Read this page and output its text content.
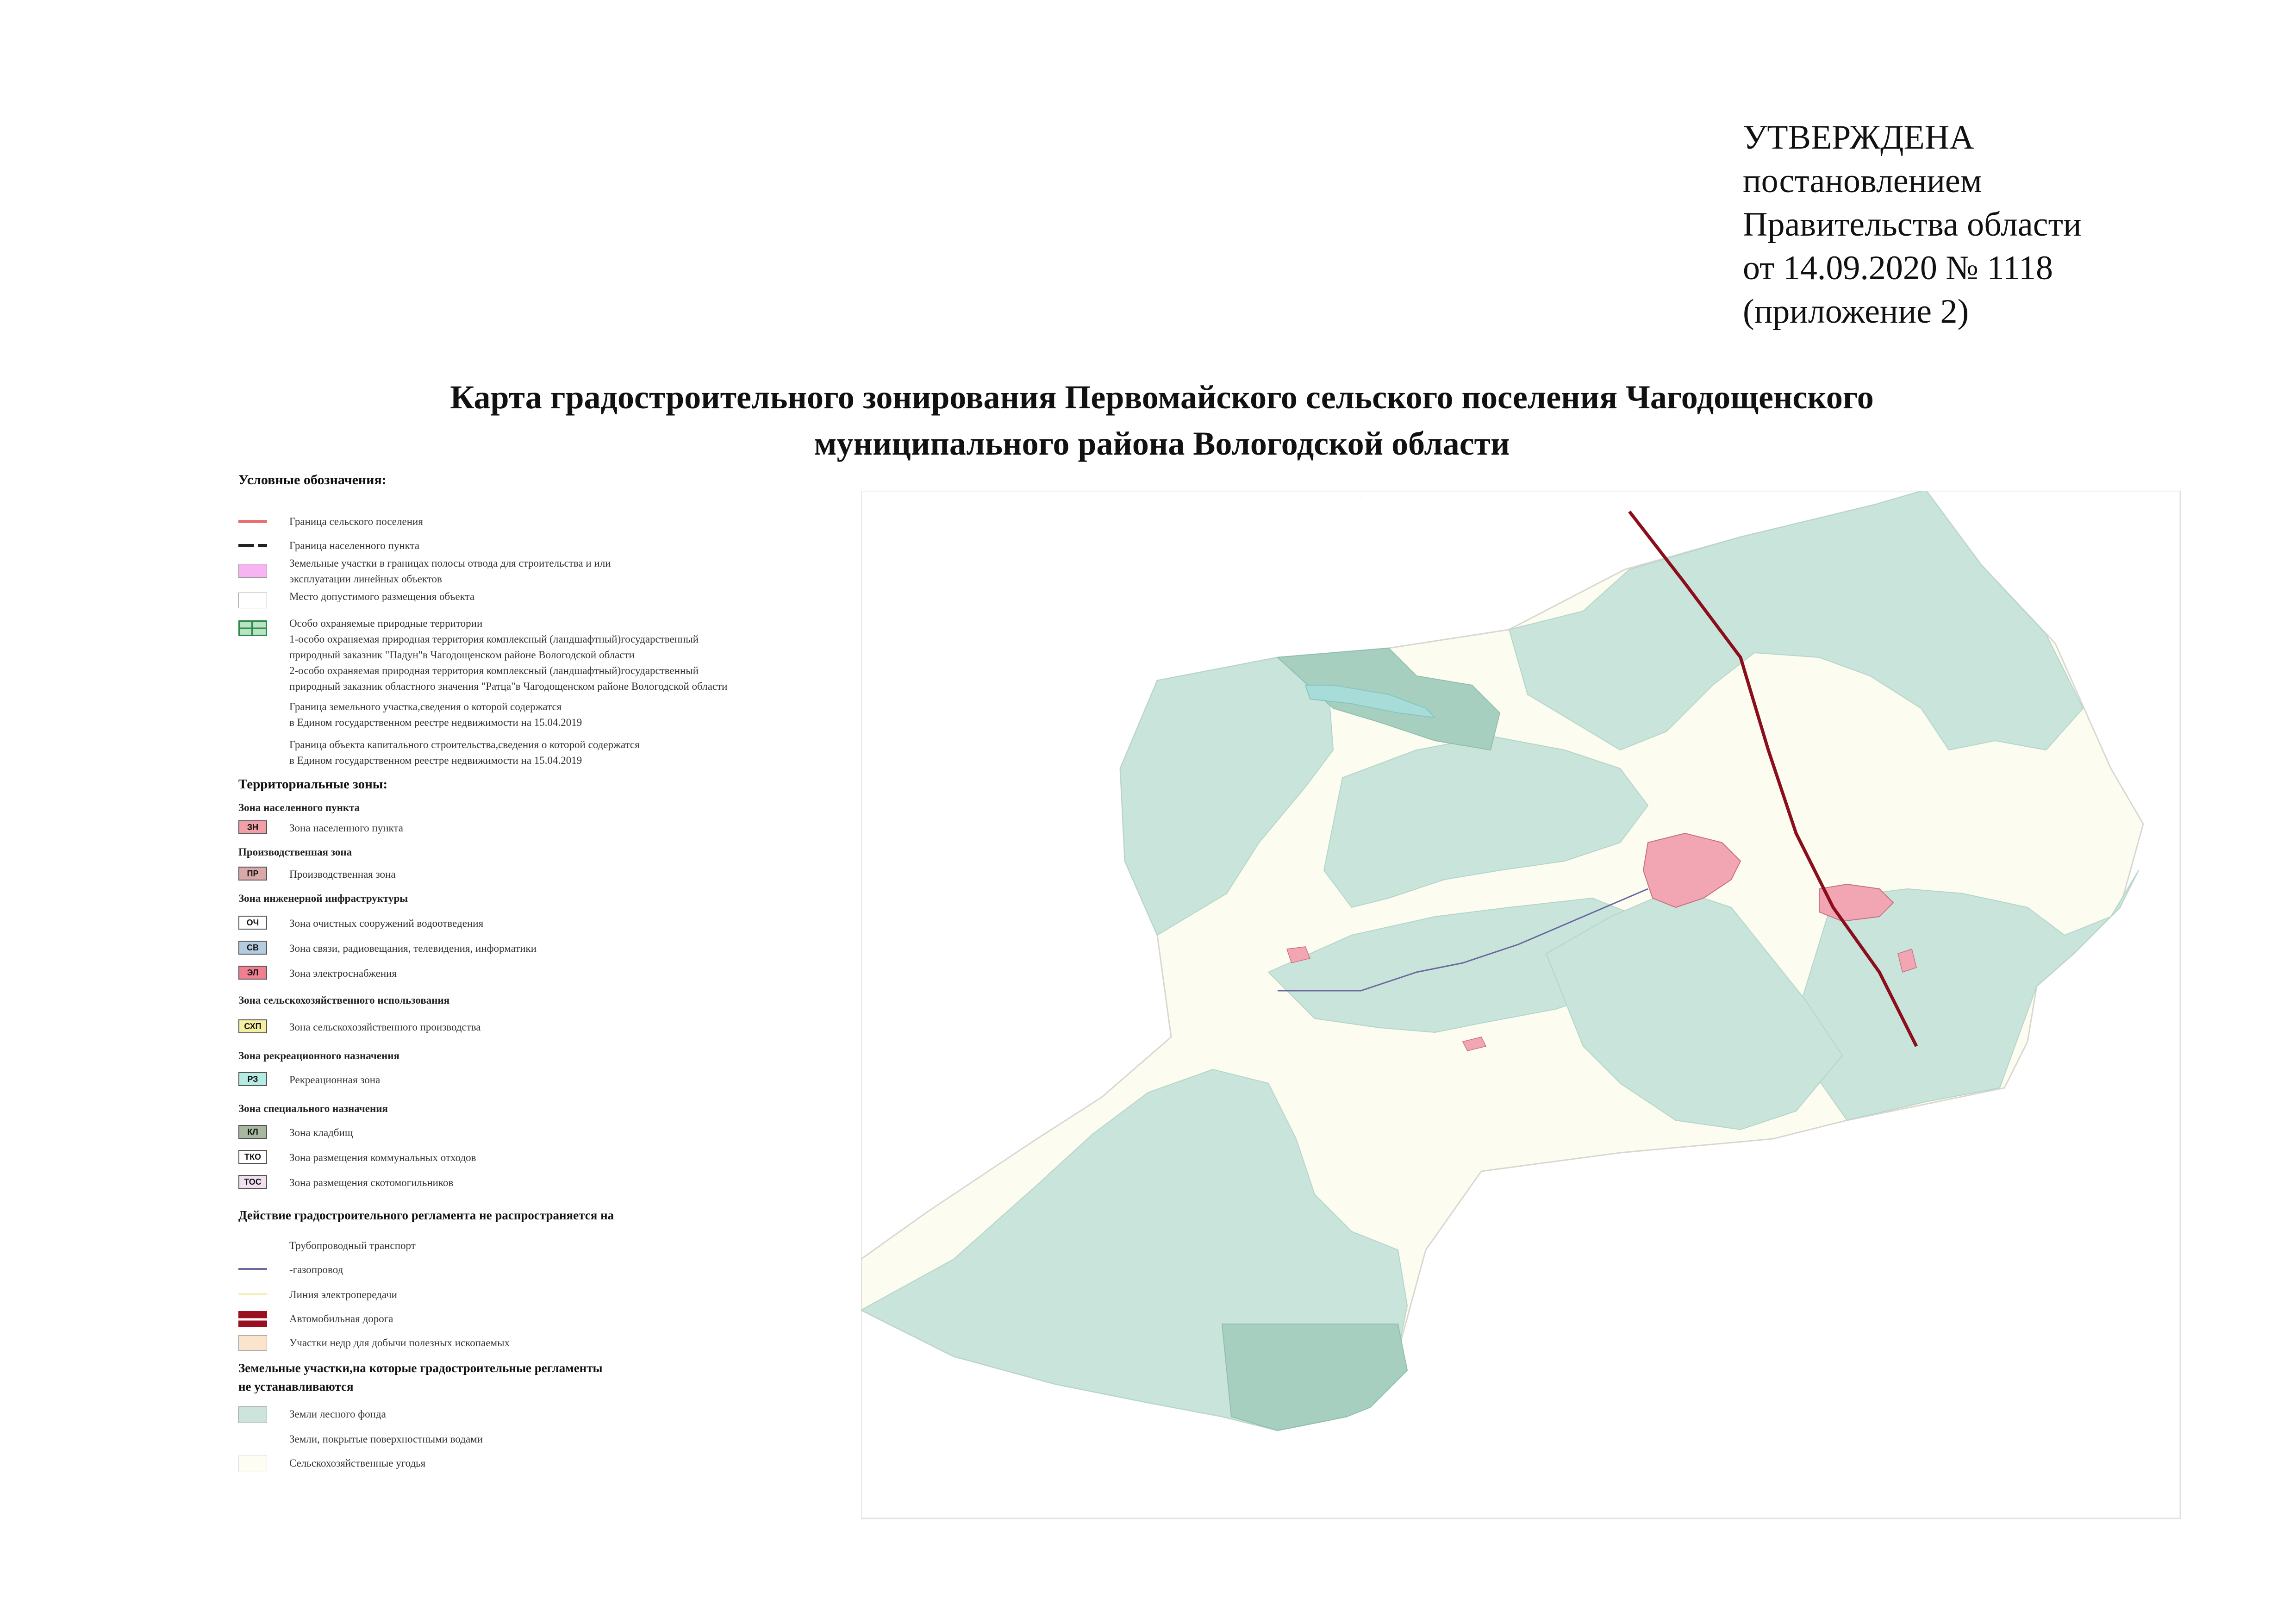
УТВЕРЖДЕНА
постановлением
Правительства области
от 14.09.2020 № 1118
(приложение 2)
Карта градостроительного зонирования Первомайского сельского поселения Чагодощенского
муниципального района Вологодской области
Условные обозначения:
Граница сельского поселения
Граница населенного пункта
Земельные участки в границах полосы отвода для строительства и или
эксплуатации линейных объектов
Место допустимого размещения объекта
Особо охраняемые природные территории
1-особо охраняемая природная территория комплексный (ландшафтный)государственный
природный заказник "Падун"в Чагодощенском районе Вологодской области
2-особо охраняемая природная территория комплексный (ландшафтный)государственный
природный заказник областного значения "Ратца"в Чагодощенском районе Вологодской области
Граница земельного участка,сведения о которой содержатся
в Едином государственном реестре недвижимости на 15.04.2019
Граница объекта капитального строительства,сведения о которой содержатся
в Едином государственном реестре недвижимости на 15.04.2019
Территориальные зоны:
Зона населенного пункта
ЗН	Зона населенного пункта
Производственная зона
ПР	Производственная зона
Зона инженерной инфраструктуры
ОЧ	Зона очистных сооружений водоотведения
СВ	Зона связи, радиовещания, телевидения, информатики
ЭЛ	Зона электроснабжения
Зона сельскохозяйственного использования
СХП	Зона сельскохозяйственного производства
Зона рекреационного назначения
РЗ	Рекреационная зона
Зона специального назначения
КЛ	Зона кладбищ
ТКО	Зона размещения коммунальных отходов
ТОС	Зона размещения скотомогильников
Действие градостроительного регламента не распространяется на
Трубопроводный транспорт
-газопровод
Линия электропередачи
Автомобильная дорога
Участки недр для добычи полезных ископаемых
Земельные участки,на которые градостроительные регламенты
не устанавливаются
Земли лесного фонда
Земли, покрытые поверхностными водами
Сельскохозяйственные угодья
·
